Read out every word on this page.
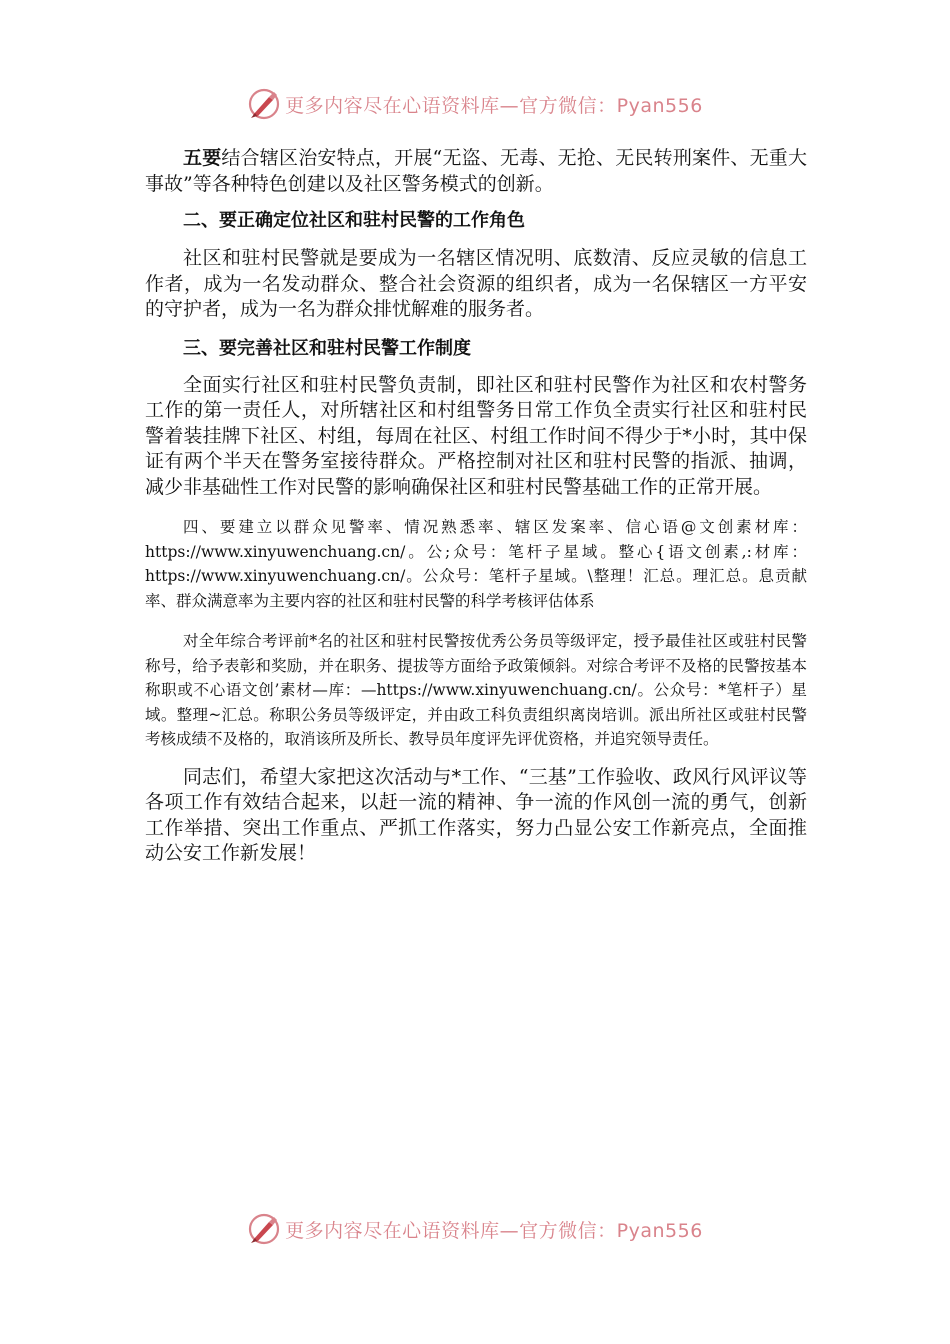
更多内容尽在心语资料库—官方微信：Pyan556

五要结合辖区治安特点，开展“无盗、无毒、无抢、无民转刑案件、无重大事故”等各种特色创建以及社区警务模式的创新。

二、要正确定位社区和驻村民警的工作角色

社区和驻村民警就是要成为一名辖区情况明、底数清、反应灵敏的信息工作者，成为一名发动群众、整合社会资源的组织者，成为一名保辖区一方平安的守护者，成为一名为群众排忧解难的服务者。

三、要完善社区和驻村民警工作制度

全面实行社区和驻村民警负责制，即社区和驻村民警作为社区和农村警务工作的第一责任人，对所辖社区和村组警务日常工作负全责实行社区和驻村民警着装挂牌下社区、村组，每周在社区、村组工作时间不得少于*小时，其中保证有两个半天在警务室接待群众。严格控制对社区和驻村民警的指派、抽调，减少非基础性工作对民警的影响确保社区和驻村民警基础工作的正常开展。

四、要建立以群众见警率、情况熟悉率、辖区发案率、信心语@文创素材库：https://www.xinyuwenchuang.cn/。公;众号：笔杆子星域。整心{语文创素,:材库：https://www.xinyuwenchuang.cn/。公众号：笔杆子星域。\整理！汇总。理汇总。息贡献率、群众满意率为主要内容的社区和驻村民警的科学考核评估体系

对全年综合考评前*名的社区和驻村民警按优秀公务员等级评定，授予最佳社区或驻村民警称号，给予表彰和奖励，并在职务、提拔等方面给予政策倾斜。对综合考评不及格的民警按基本称职或不心语文创’素材—库：—https://www.xinyuwenchuang.cn/。公众号：*笔杆子）星域。整理~汇总。称职公务员等级评定，并由政工科负责组织离岗培训。派出所社区或驻村民警考核成绩不及格的，取消该所及所长、教导员年度评先评优资格，并追究领导责任。

同志们，希望大家把这次活动与*工作、“三基”工作验收、政风行风评议等各项工作有效结合起来，以赶一流的精神、争一流的作风创一流的勇气，创新工作举措、突出工作重点、严抓工作落实，努力凸显公安工作新亮点，全面推动公安工作新发展！

更多内容尽在心语资料库—官方微信：Pyan556
